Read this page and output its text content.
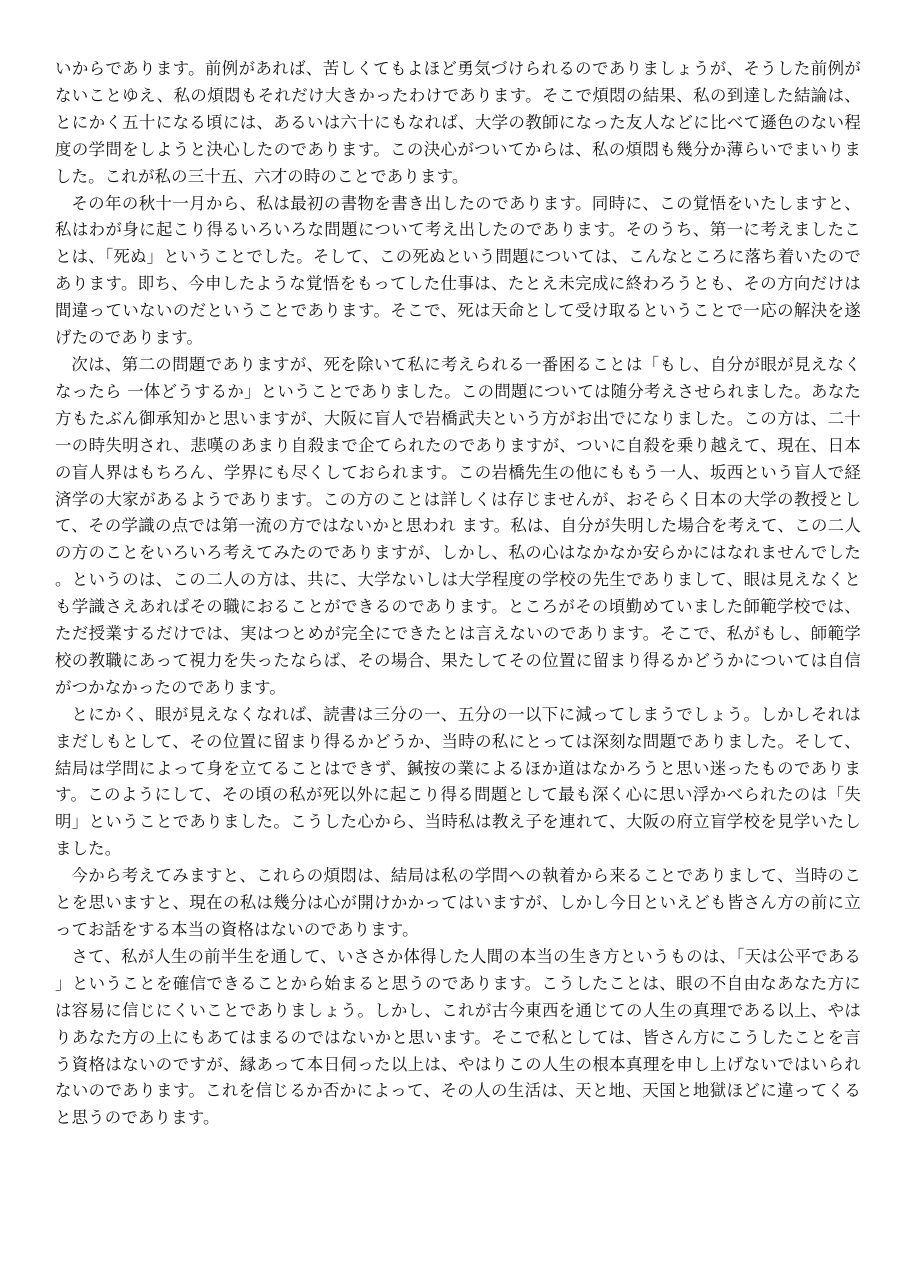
いからであります。前例があれば、苦しくてもよほど勇気づけられるのでありましょうが、そうした前例がないことゆえ、私の煩悶もそれだけ大きかったわけであります。そこで煩悶の結果、私の到達した結論は、とにかく五十になる頃には、あるいは六十にもなれば、大学の教師になった友人などに比べて遜色のない程度の学問をしようと決心したのであります。この決心がついてからは、私の煩悶も幾分か薄らいでまいりました。これが私の三十五、六才の時のことであります。

その年の秋十一月から、私は最初の書物を書き出したのであります。同時に、この覚悟をいたしますと、私はわが身に起こり得るいろいろな問題について考え出したのであります。そのうち、第一に考えましたことは、「死ぬ」ということでした。そして、この死ぬという問題については、こんなところに落ち着いたのであります。即ち、今申したような覚悟をもってした仕事は、たとえ未完成に終わろうとも、その方向だけは間違っていないのだということであります。そこで、死は天命として受け取るということで一応の解決を遂げたのであります。

次は、第二の問題でありますが、死を除いて私に考えられる一番困ることは「もし、自分が眼が見えなくなったら 一体どうするか」ということでありました。この問題については随分考えさせられました。あなた方もたぶん御承知かと思いますが、大阪に盲人で岩橋武夫という方がお出でになりました。この方は、二十一の時失明され、悲嘆のあまり自殺まで企てられたのでありますが、ついに自殺を乗り越えて、現在、日本の盲人界はもちろん、学界にも尽くしておられます。この岩橋先生の他にももう一人、坂西という盲人で経済学の大家があるようであります。この方のことは詳しくは存じませんが、おそらく日本の大学の教授として、その学識の点では第一流の方ではないかと思われ ます。私は、自分が失明した場合を考えて、この二人の方のことをいろいろ考えてみたのでありますが、しかし、私の心はなかなか安らかにはなれませんでした。というのは、この二人の方は、共に、大学ないしは大学程度の学校の先生でありまして、眼は見えなくとも学識さえあればその職におることができるのであります。ところがその頃勤めていました師範学校では、ただ授業するだけでは、実はつとめが完全にできたとは言えないのであります。そこで、私がもし、師範学校の教職にあって視力を失ったならば、その場合、果たしてその位置に留まり得るかどうかについては自信がつかなかったのであります。

とにかく、眼が見えなくなれば、読書は三分の一、五分の一以下に減ってしまうでしょう。しかしそれはまだしもとして、その位置に留まり得るかどうか、当時の私にとっては深刻な問題でありました。そして、結局は学問によって身を立てることはできず、鍼按の業によるほか道はなかろうと思い迷ったものであります。このようにして、その頃の私が死以外に起こり得る問題として最も深く心に思い浮かべられたのは「失明」ということでありました。こうした心から、当時私は教え子を連れて、大阪の府立盲学校を見学いたしました。

今から考えてみますと、これらの煩悶は、結局は私の学問への執着から来ることでありまして、当時のことを思いますと、現在の私は幾分は心が開けかかってはいますが、しかし今日といえども皆さん方の前に立ってお話をする本当の資格はないのであります。

さて、私が人生の前半生を通して、いささか体得した人間の本当の生き方というものは、「天は公平である」ということを確信できることから始まると思うのであります。こうしたことは、眼の不自由なあなた方には容易に信じにくいことでありましょう。しかし、これが古今東西を通じての人生の真理である以上、やはりあなた方の上にもあてはまるのではないかと思います。そこで私としては、皆さん方にこうしたことを言う資格はないのですが、縁あって本日伺った以上は、やはりこの人生の根本真理を申し上げないではいられないのであります。これを信じるか否かによって、その人の生活は、天と地、天国と地獄ほどに違ってくると思うのであります。
